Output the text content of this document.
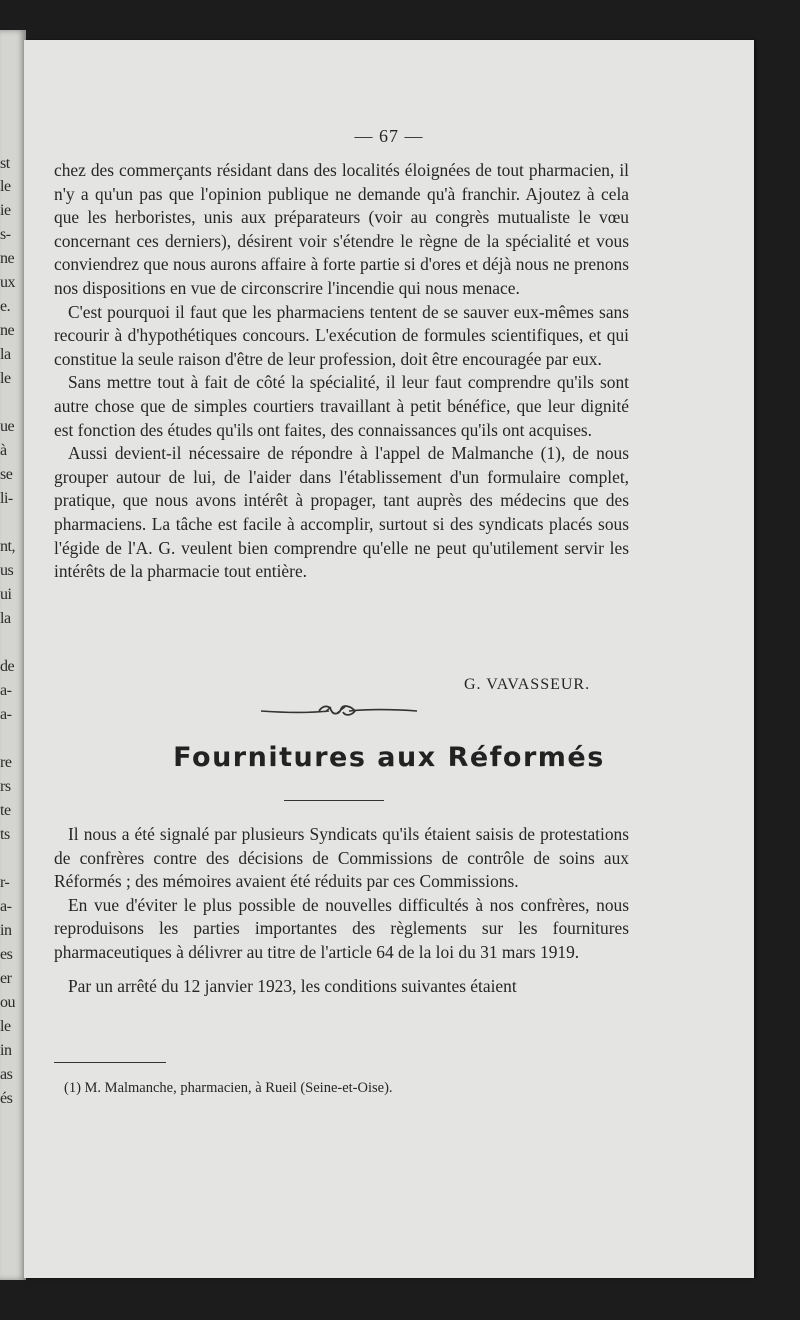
st
le
ie
s-
ne
ux
e.
ne
la
le
ue
à
se
li-
nt,
us
ui
la
de
a-
a-
re
rs
te
ts
r-
a-
in
es
er
ou
le
in
as
és
— 67 —

chez des commerçants résidant dans des localités éloignées de tout pharmacien, il n'y a qu'un pas que l'opinion publique ne demande qu'à franchir. Ajoutez à cela que les herboristes, unis aux préparateurs (voir au congrès mutualiste le vœu concernant ces derniers), désirent voir s'étendre le règne de la spécialité et vous conviendrez que nous aurons affaire à forte partie si d'ores et déjà nous ne prenons nos dispositions en vue de circonscrire l'incendie qui nous menace.

C'est pourquoi il faut que les pharmaciens tentent de se sauver eux-mêmes sans recourir à d'hypothétiques concours. L'exécution de formules scientifiques, et qui constitue la seule raison d'être de leur profession, doit être encouragée par eux.

Sans mettre tout à fait de côté la spécialité, il leur faut comprendre qu'ils sont autre chose que de simples courtiers travaillant à petit bénéfice, que leur dignité est fonction des études qu'ils ont faites, des connaissances qu'ils ont acquises.

Aussi devient-il nécessaire de répondre à l'appel de Malmanche (1), de nous grouper autour de lui, de l'aider dans l'établissement d'un formulaire complet, pratique, que nous avons intérêt à propager, tant auprès des médecins que des pharmaciens. La tâche est facile à accomplir, surtout si des syndicats placés sous l'égide de l'A. G. veulent bien comprendre qu'elle ne peut qu'utilement servir les intérêts de la pharmacie tout entière.

G. VAVASSEUR.
Fournitures aux Réformés

Il nous a été signalé par plusieurs Syndicats qu'ils étaient saisis de protestations de confrères contre des décisions de Commissions de contrôle de soins aux Réformés ; des mémoires avaient été réduits par ces Commissions.

En vue d'éviter le plus possible de nouvelles difficultés à nos confrères, nous reproduisons les parties importantes des règlements sur les fournitures pharmaceutiques à délivrer au titre de l'article 64 de la loi du 31 mars 1919.

Par un arrêté du 12 janvier 1923, les conditions suivantes étaient

(1) M. Malmanche, pharmacien, à Rueil (Seine-et-Oise).
